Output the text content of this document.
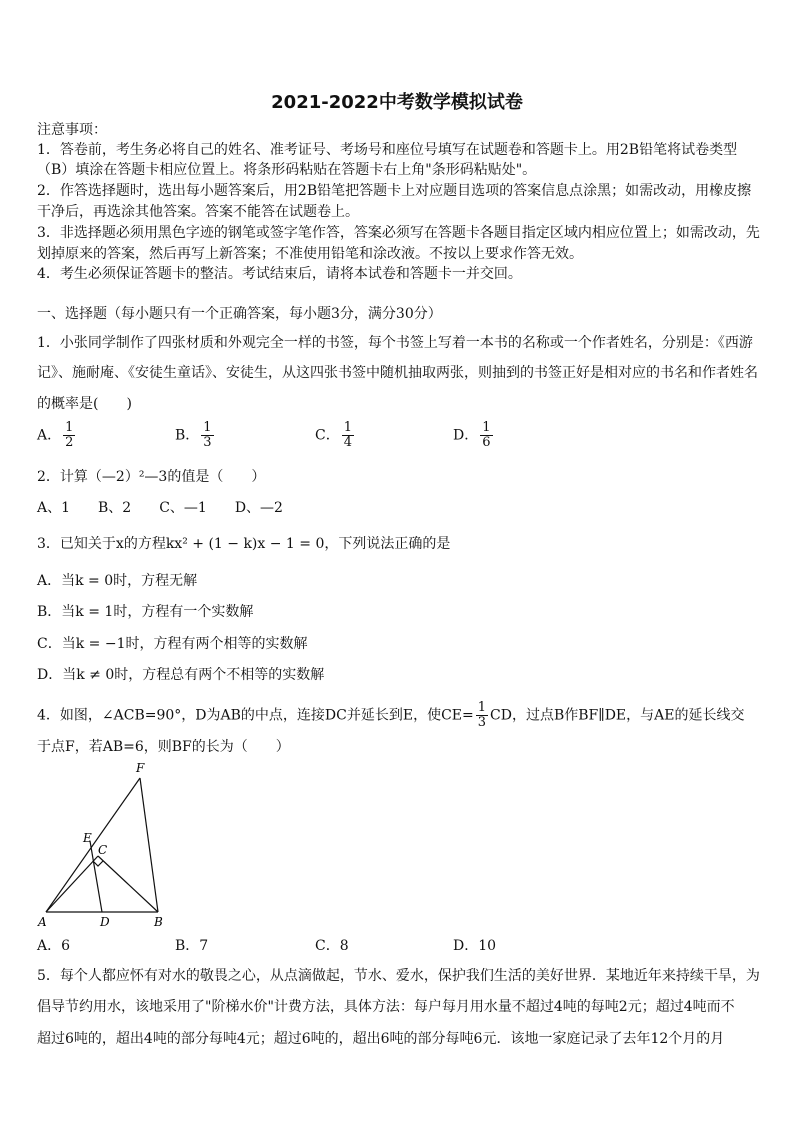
2021-2022中考数学模拟试卷
注意事项：
1．答卷前，考生务必将自己的姓名、准考证号、考场号和座位号填写在试题卷和答题卡上。用2B铅笔将试卷类型
（B）填涂在答题卡相应位置上。将条形码粘贴在答题卡右上角"条形码粘贴处"。
2．作答选择题时，选出每小题答案后，用2B铅笔把答题卡上对应题目选项的答案信息点涂黑；如需改动，用橡皮擦
干净后，再选涂其他答案。答案不能答在试题卷上。
3．非选择题必须用黑色字迹的钢笔或签字笔作答，答案必须写在答题卡各题目指定区域内相应位置上；如需改动，先
划掉原来的答案，然后再写上新答案；不准使用铅笔和涂改液。不按以上要求作答无效。
4．考生必须保证答题卡的整洁。考试结束后，请将本试卷和答题卡一并交回。
一、选择题（每小题只有一个正确答案，每小题3分，满分30分）
1．小张同学制作了四张材质和外观完全一样的书签，每个书签上写着一本书的名称或一个作者姓名，分别是：《西游
记》、施耐庵、《安徒生童话》、安徒生，从这四张书签中随机抽取两张，则抽到的书签正好是相对应的书名和作者姓名
的概率是(　　)
A． $\frac{1}{2}$	B． $\frac{1}{3}$	C． $\frac{1}{4}$	D． $\frac{1}{6}$
2．计算（—2）²—3的值是（　　）
A、1　　B、2　　C、—1　　D、—2
3．已知关于x的方程kx² + (1 − k)x − 1 = 0，下列说法正确的是
A．当k = 0时，方程无解
B．当k = 1时，方程有一个实数解
C．当k = −1时，方程有两个相等的实数解
D．当k ≠ 0时，方程总有两个不相等的实数解
4．如图，∠ACB=90°，D为AB的中点，连接DC并延长到E，使$CE= \frac{1}{3}$ CD，过点B作BF∥DE，与AE的延长线交
于点F，若AB=6，则BF的长为（　　）
F
E
C
A	D	B
A．6	B．7	C．8	D．10
5．每个人都应怀有对水的敬畏之心，从点滴做起，节水、爱水，保护我们生活的美好世界．某地近年来持续干旱，为
倡导节约用水，该地采用了"阶梯水价"计费方法，具体方法：每户每月用水量不超过4吨的每吨2元；超过4吨而不
超过6吨的，超出4吨的部分每吨4元；超过6吨的，超出6吨的部分每吨6元．该地一家庭记录了去年12个月的月
